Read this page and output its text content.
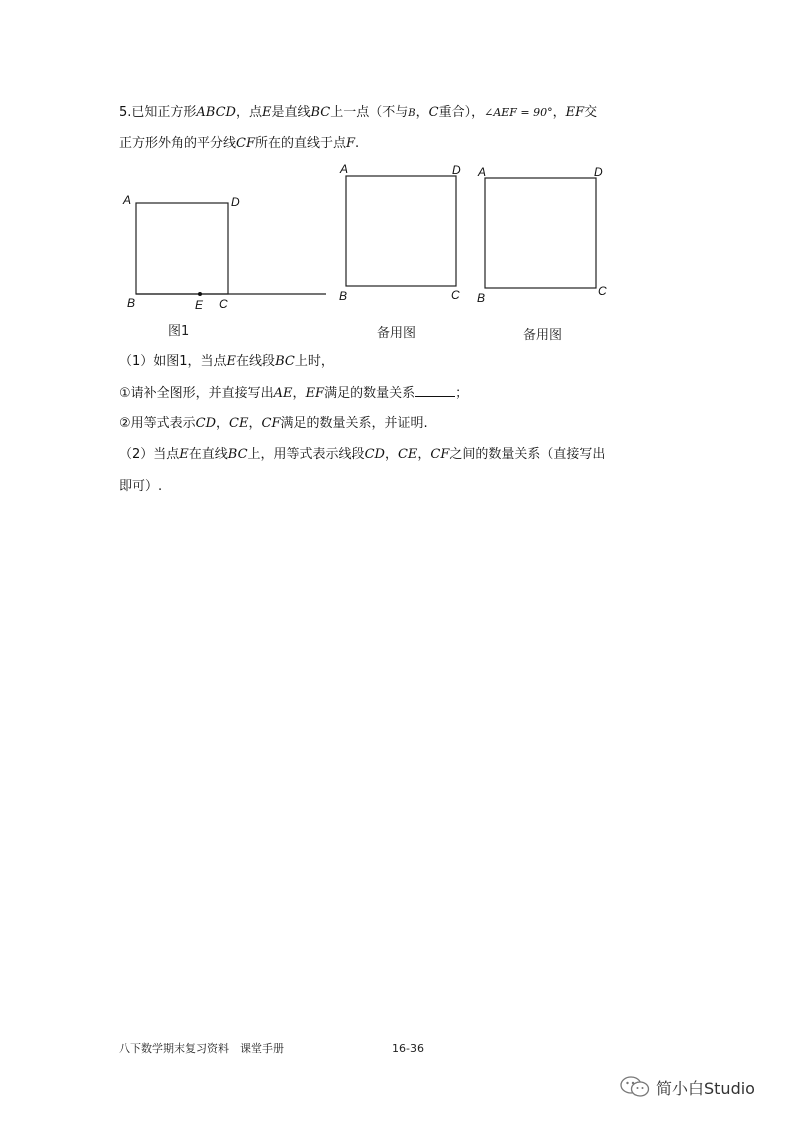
5.已知正方形ABCD，点E是直线BC上一点（不与B，C重合），∠AEF = 90°，EF交
正方形外角的平分线CF所在的直线于点F.
A	D
B	E C
图1
A	D
B	C
备用图
A	D
B	C
备用图
（1）如图1，当点E在线段BC上时，
①请补全图形，并直接写出AE，EF满足的数量关系	；
②用等式表示CD，CE，CF满足的数量关系，并证明.
（2）当点E在直线BC上，用等式表示线段CD，CE，CF之间的数量关系（直接写出
即可）.
八下数学期末复习资料　课堂手册	16-36
简小白Studio
